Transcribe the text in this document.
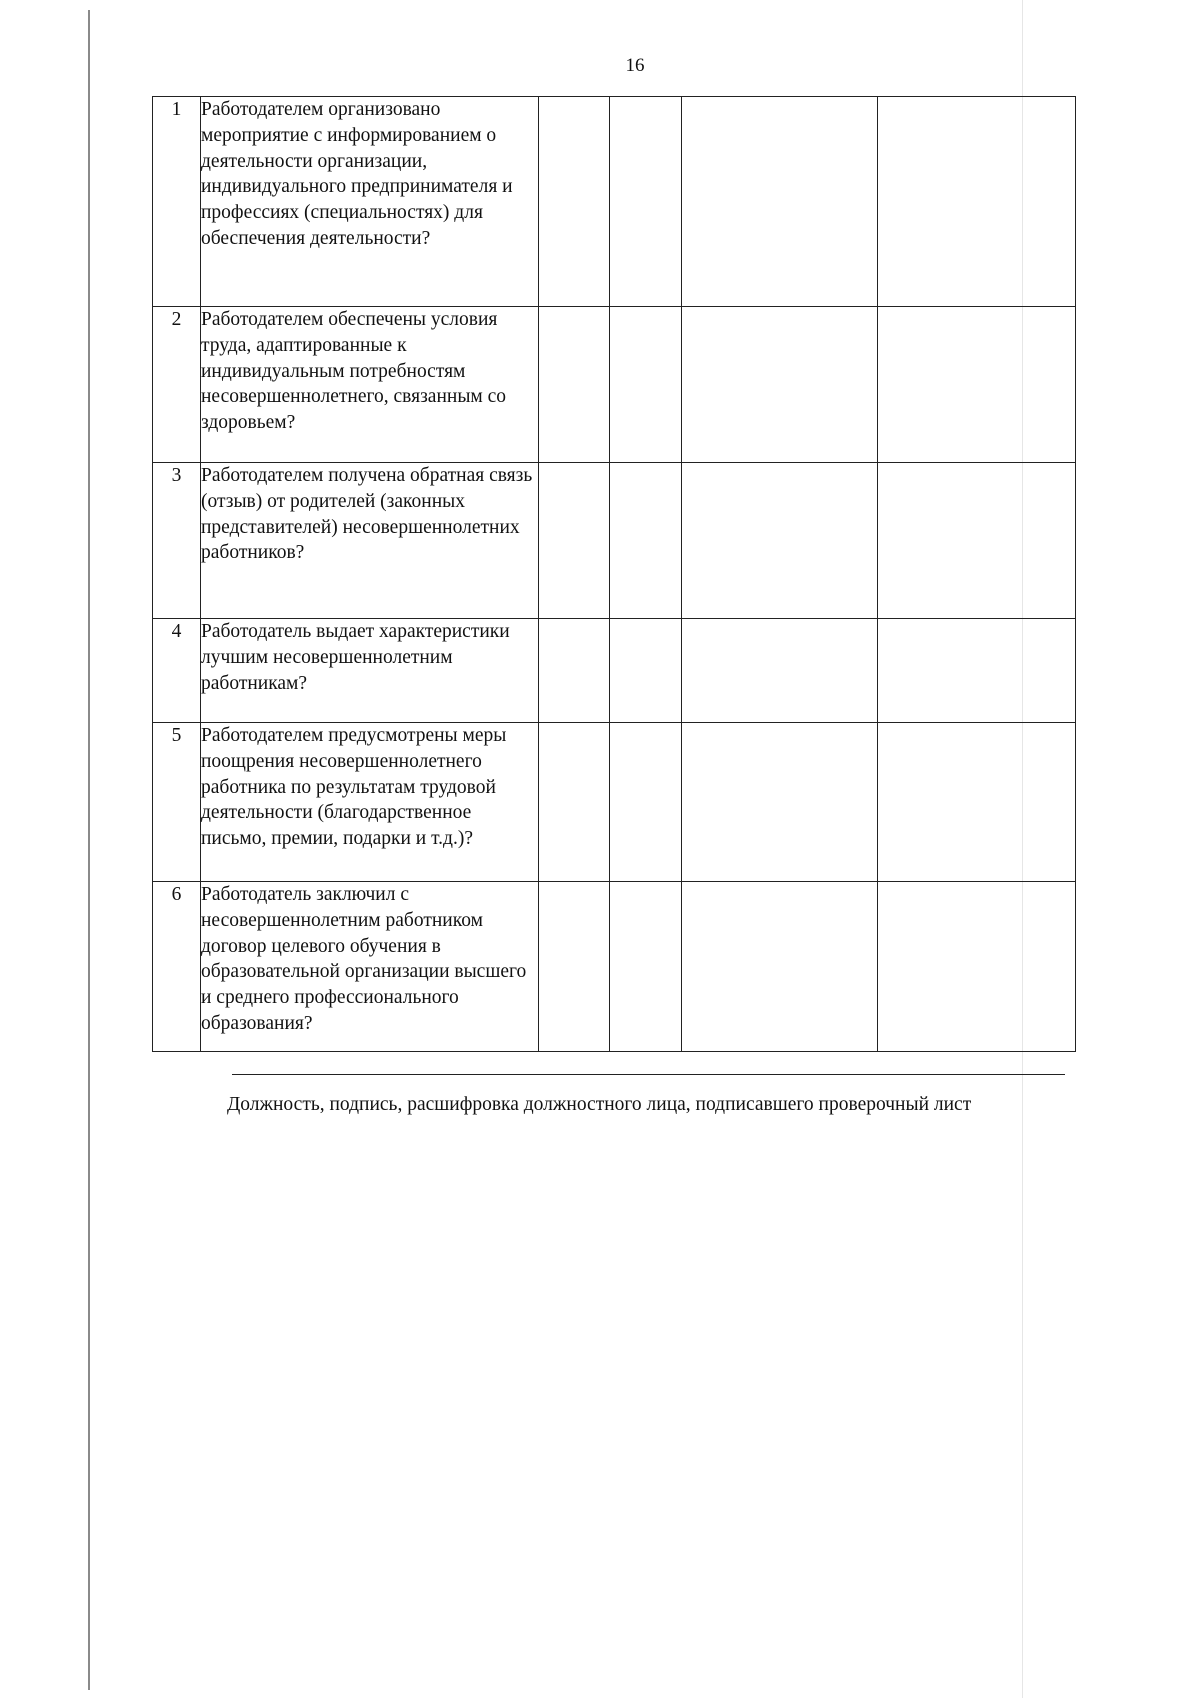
16
1	Работодателем организовано мероприятие с информированием о деятельности организации, индивидуального предпринимателя и профессиях (специальностях) для обеспечения деятельности?				
2	Работодателем обеспечены условия труда, адаптированные к индивидуальным потребностям несовершеннолетнего, связанным со здоровьем?				
3	Работодателем получена обратная связь (отзыв) от родителей (законных представителей) несовершеннолетних работников?				
4	Работодатель выдает характеристики лучшим несовершеннолетним работникам?				
5	Работодателем предусмотрены меры поощрения несовершеннолетнего работника по результатам трудовой деятельности (благодарственное письмо, премии, подарки и т.д.)?				
6	Работодатель заключил с несовершеннолетним работником договор целевого обучения в образовательной организации высшего и среднего профессионального образования?				
Должность, подпись, расшифровка должностного лица, подписавшего проверочный лист
